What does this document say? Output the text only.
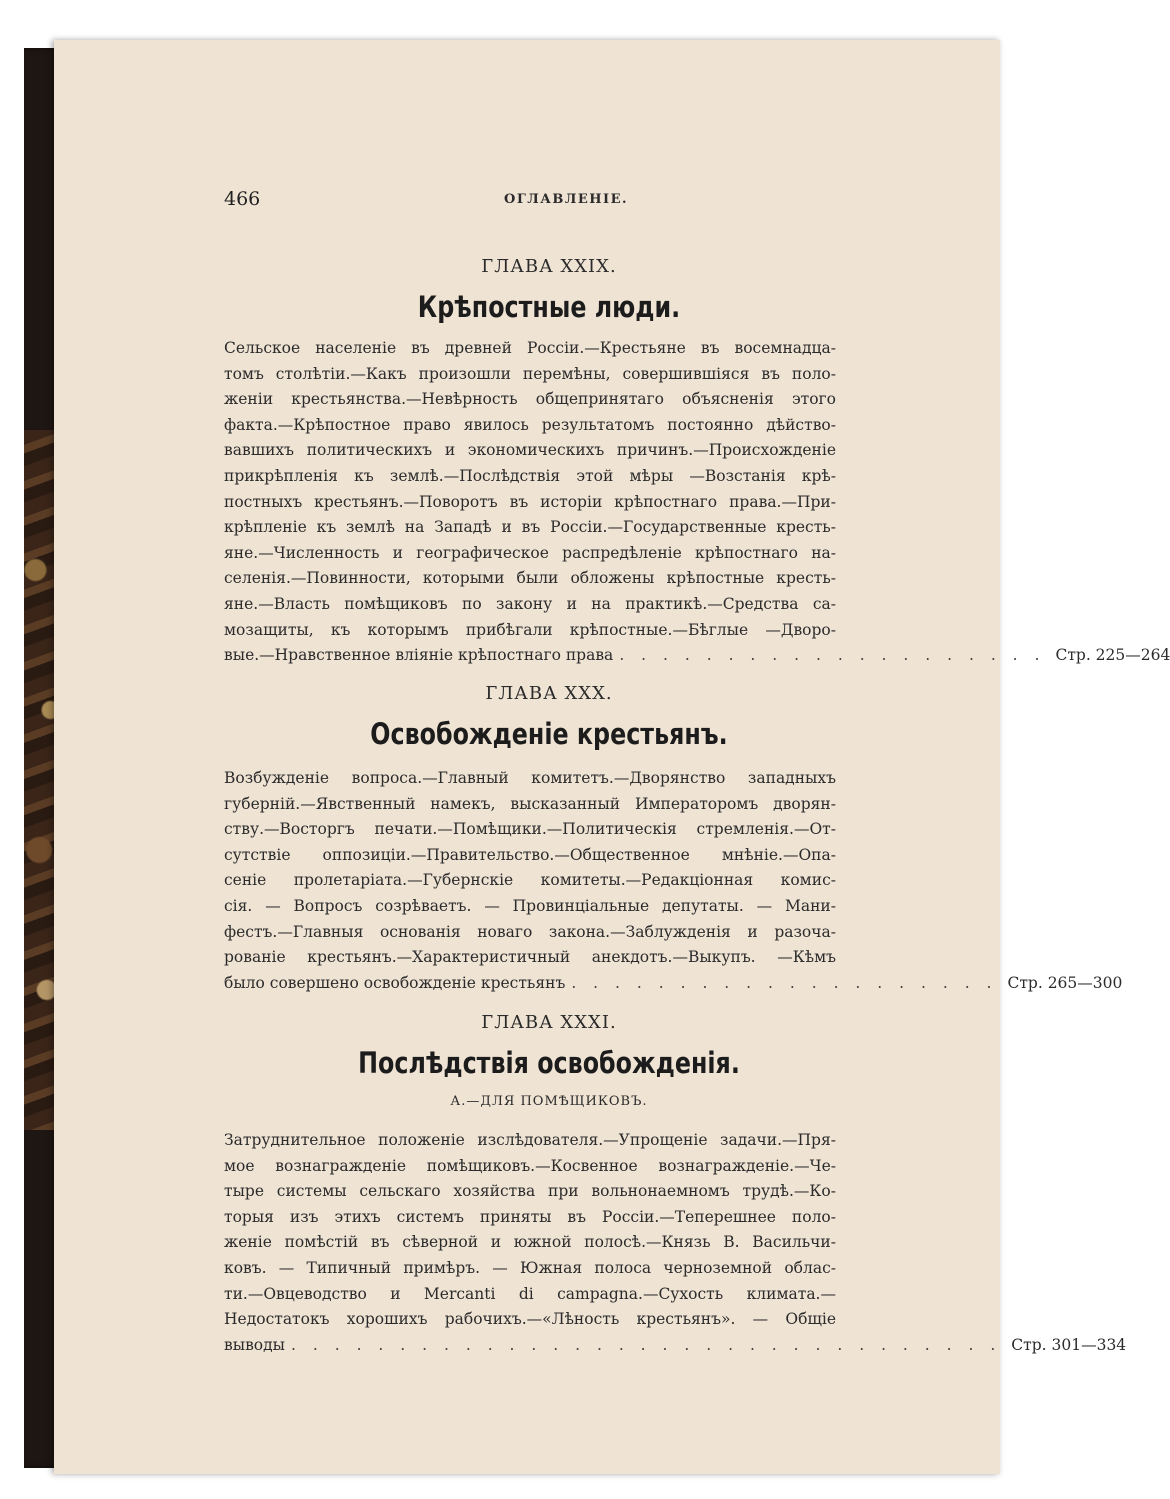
466	ОГЛАВЛЕНІЕ.
ГЛАВА XXIX.
Крѣпостные люди.
Сельское населеніе въ древней Россіи.—Крестьяне въ восемнадца-
томъ столѣтіи.—Какъ произошли перемѣны, совершившіяся въ поло-
женіи крестьянства.—Невѣрность общепринятаго объясненія этого
факта.—Крѣпостное право явилось результатомъ постоянно дѣйство-
вавшихъ политическихъ и экономическихъ причинъ.—Происхожденіе
прикрѣпленія къ землѣ.—Послѣдствія этой мѣры —Возстанія крѣ-
постныхъ крестьянъ.—Поворотъ въ исторіи крѣпостнаго права.—При-
крѣпленіе къ землѣ на Западѣ и въ Россіи.—Государственные кресть-
яне.—Численность и географическое распредѣленіе крѣпостнаго на-
селенія.—Повинности, которыми были обложены крѣпостные кресть-
яне.—Власть помѣщиковъ по закону и на практикѣ.—Средства са-
мозащиты, къ которымъ прибѣгали крѣпостные.—Бѣглые —Дворо-
вые.—Нравственное вліяніе крѣпостнаго права . . . . . . . . . . . . . . . . . . . . Стр. 225—264
ГЛАВА XXX.
Освобожденіе крестьянъ.
Возбужденіе вопроса.—Главный комитетъ.—Дворянство западныхъ
губерній.—Явственный намекъ, высказанный Императоромъ дворян-
ству.—Восторгъ печати.—Помѣщики.—Политическія стремленія.—От-
сутствіе оппозиціи.—Правительство.—Общественное мнѣніе.—Опа-
сеніе пролетаріата.—Губернскіе комитеты.—Редакціонная комис-
сія. — Вопросъ созрѣваетъ. — Провинціальные депутаты. — Мани-
фестъ.—Главныя основанія новаго закона.—Заблужденія и разоча-
рованіе крестьянъ.—Характеристичный анекдотъ.—Выкупъ. —Кѣмъ
было совершено освобожденіе крестьянъ . . . . . . . . . . . . . . . . . . . . Стр. 265—300
ГЛАВА XXXI.
Послѣдствія освобожденія.
А.—ДЛЯ ПОМѢЩИКОВЪ.
Затруднительное положеніе изслѣдователя.—Упрощеніе задачи.—Пря-
мое вознагражденіе помѣщиковъ.—Косвенное вознагражденіе.—Че-
тыре системы сельскаго хозяйства при вольнонаемномъ трудѣ.—Ко-
торыя изъ этихъ системъ приняты въ Россіи.—Теперешнее поло-
женіе помѣстій въ сѣверной и южной полосѣ.—Князь В. Васильчи-
ковъ. — Типичный примѣръ. — Южная полоса черноземной облас-
ти.—Овцеводство и Mercanti di campagna.—Сухость климата.—
Недостатокъ хорошихъ рабочихъ.—«Лѣность крестьянъ». — Общіе
выводы . . . . . . . . . . . . . . . . . . . . . . . . . . . . . . . . . Стр. 301—334
